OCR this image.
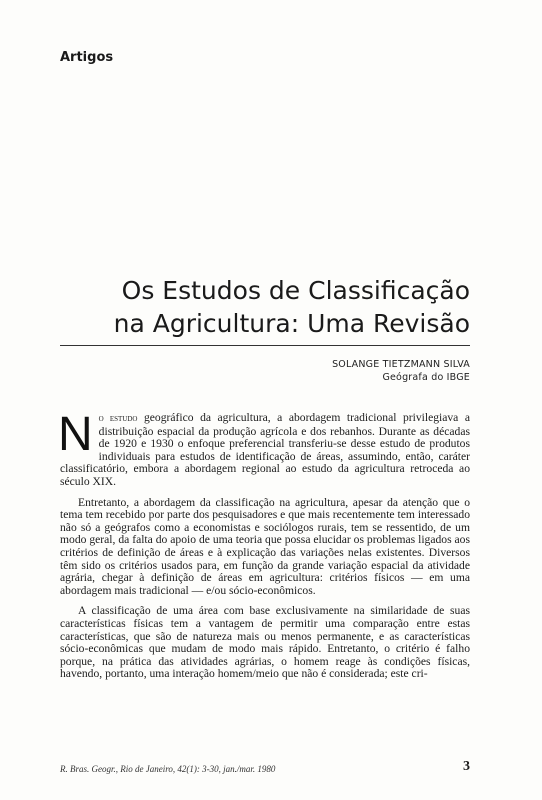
Artigos
Os Estudos de Classificação
na Agricultura: Uma Revisão
SOLANGE TIETZMANN SILVA
Geógrafa do IBGE

No estudo geográfico da agricultura, a abordagem tradicional privilegiava a distribuição espacial da produção agrícola e dos rebanhos. Durante as décadas de 1920 e 1930 o enfoque preferencial transferiu-se desse estudo de produtos individuais para estudos de identificação de áreas, assumindo, então, caráter classificatório, embora a abordagem regional ao estudo da agricultura retroceda ao século XIX.

Entretanto, a abordagem da classificação na agricultura, apesar da atenção que o tema tem recebido por parte dos pesquisadores e que mais recentemente tem interessado não só a geógrafos como a economistas e sociólogos rurais, tem se ressentido, de um modo geral, da falta do apoio de uma teoria que possa elucidar os problemas ligados aos critérios de definição de áreas e à explicação das variações nelas existentes. Diversos têm sido os critérios usados para, em função da grande variação espacial da atividade agrária, chegar à definição de áreas em agricultura: critérios físicos — em uma abordagem mais tradicional — e/ou sócio-econômicos.

A classificação de uma área com base exclusivamente na similaridade de suas características físicas tem a vantagem de permitir uma comparação entre estas características, que são de natureza mais ou menos permanente, e as características sócio-econômicas que mudam de modo mais rápido. Entretanto, o critério é falho porque, na prática das atividades agrárias, o homem reage às condições físicas, havendo, portanto, uma interação homem/meio que não é considerada; este cri-

R. Bras. Geogr., Rio de Janeiro, 42(1): 3-30, jan./mar. 1980	3
